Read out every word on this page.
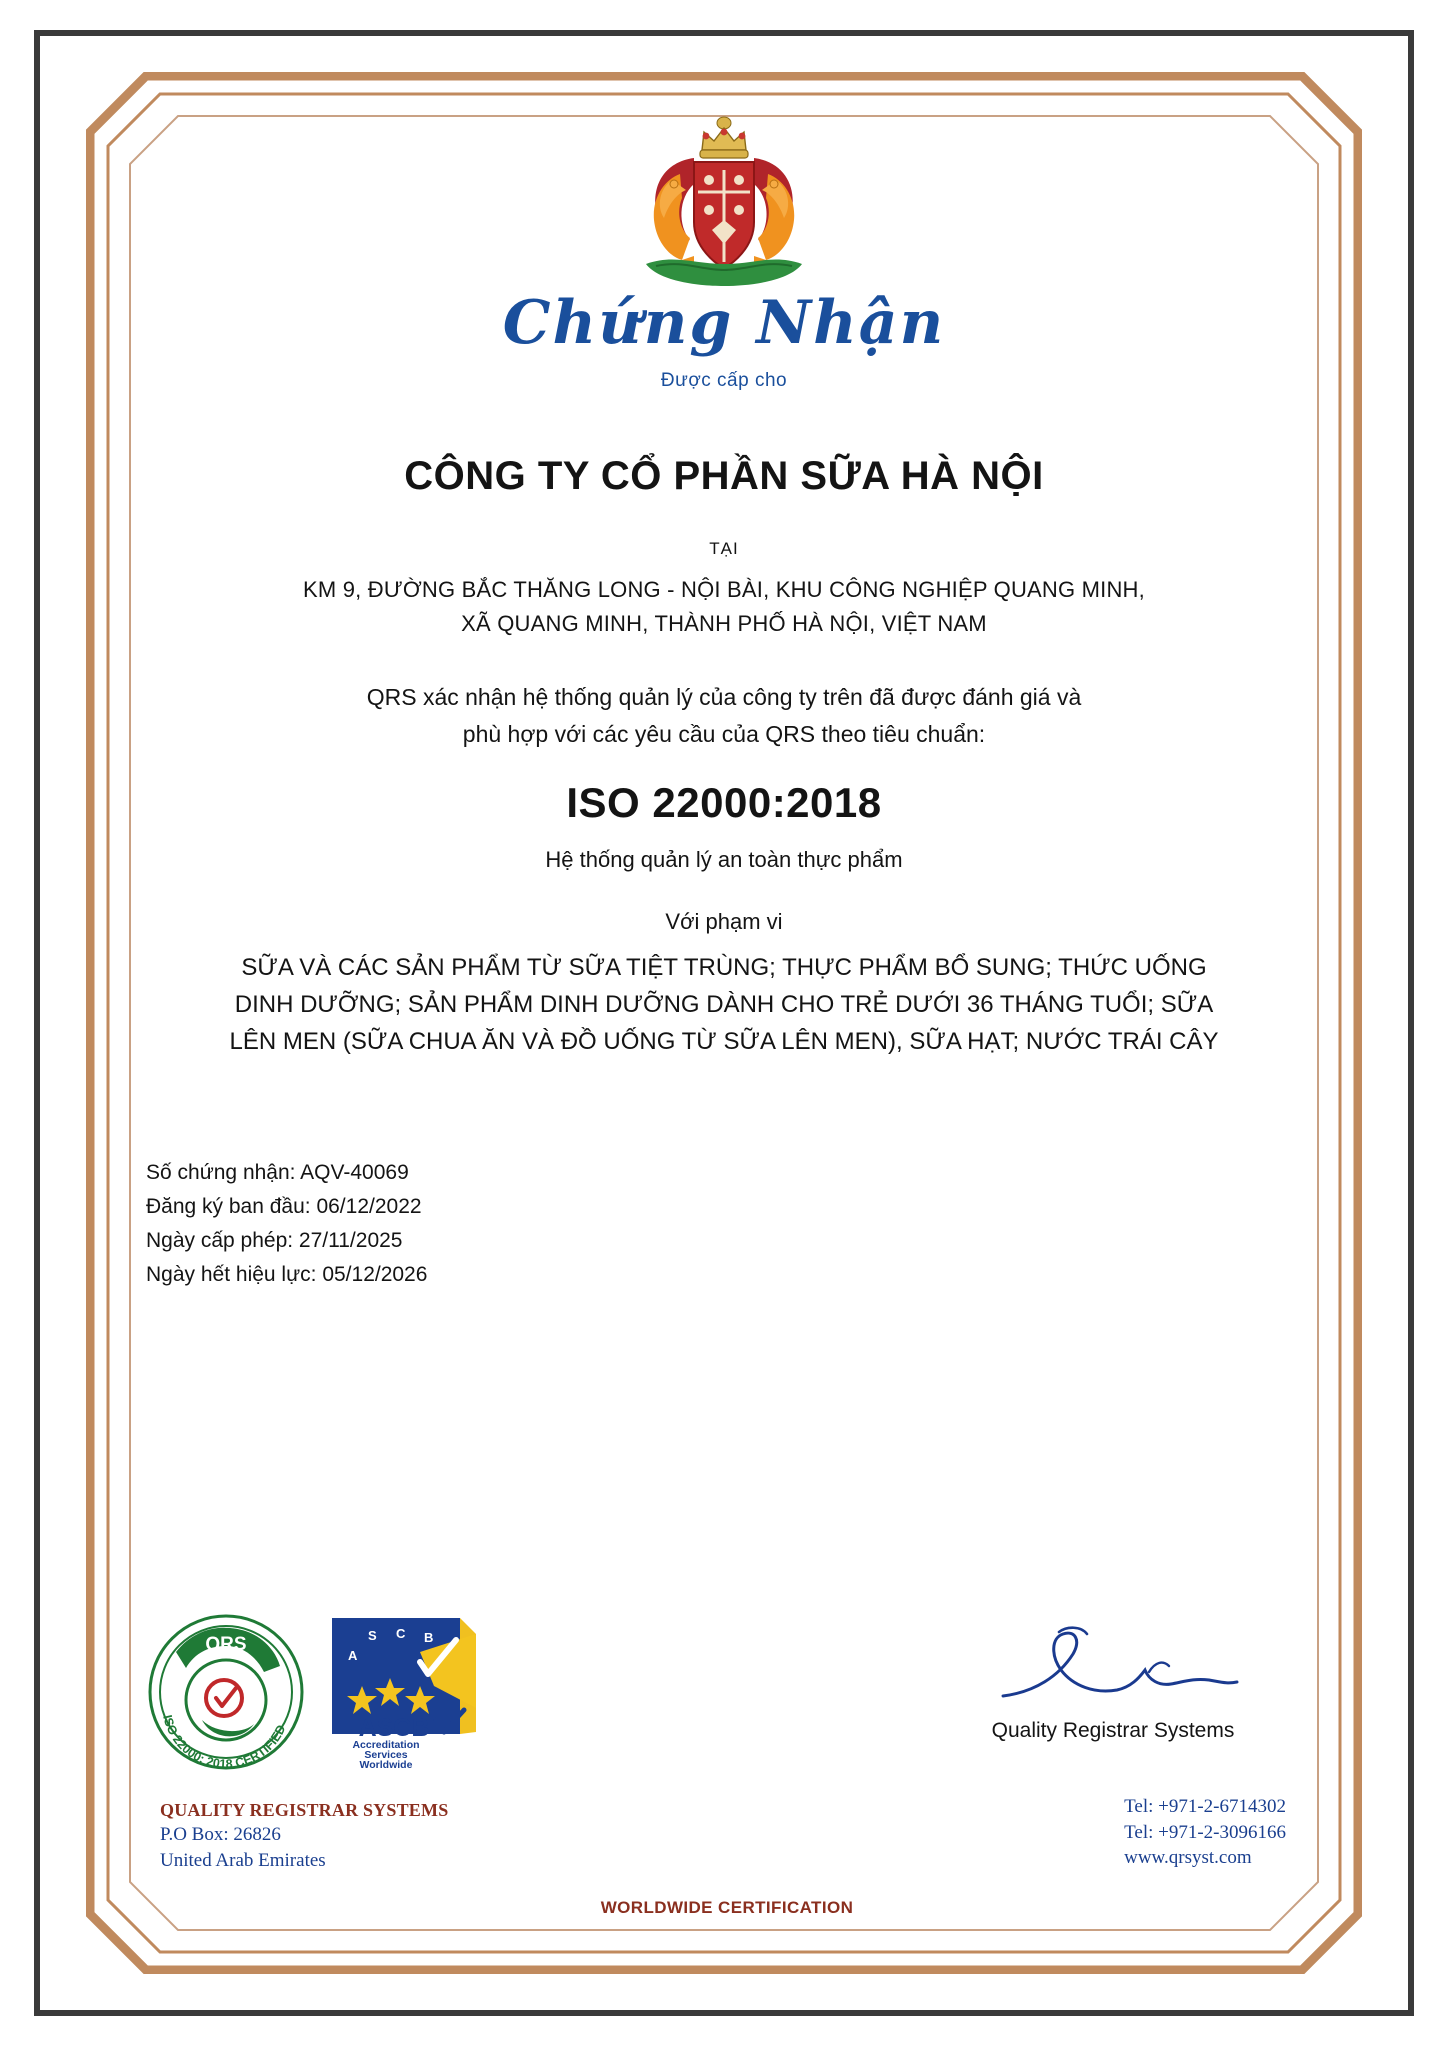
Chứng Nhận
Được cấp cho
CÔNG TY CỔ PHẦN SỮA HÀ NỘI
TẠI
KM 9, ĐƯỜNG BẮC THĂNG LONG - NỘI BÀI, KHU CÔNG NGHIỆP QUANG MINH,
XÃ QUANG MINH, THÀNH PHỐ HÀ NỘI, VIỆT NAM
QRS xác nhận hệ thống quản lý của công ty trên đã được đánh giá và
phù hợp với các yêu cầu của QRS theo tiêu chuẩn:
ISO 22000:2018
Hệ thống quản lý an toàn thực phẩm
Với phạm vi
SỮA VÀ CÁC SẢN PHẨM TỪ SỮA TIỆT TRÙNG; THỰC PHẨM BỔ SUNG; THỨC UỐNG
DINH DƯỠNG; SẢN PHẨM DINH DƯỠNG DÀNH CHO TRẺ DƯỚI 36 THÁNG TUỔI; SỮA
LÊN MEN (SỮA CHUA ĂN VÀ ĐỒ UỐNG TỪ SỮA LÊN MEN), SỮA HẠT; NƯỚC TRÁI CÂY
Số chứng nhận: AQV-40069
Đăng ký ban đầu: 06/12/2022
Ngày cấp phép: 27/11/2025
Ngày hết hiệu lực: 05/12/2026
QRS
ISO 22000: 2018 CERTIFIED
S C B
A
ASCB
Accreditation
Services
Worldwide
QUALITY REGISTRAR SYSTEMS
P.O Box: 26826
United Arab Emirates
Quality Registrar Systems
Tel: +971-2-6714302
Tel: +971-2-3096166
www.qrsyst.com
WORLDWIDE CERTIFICATION
